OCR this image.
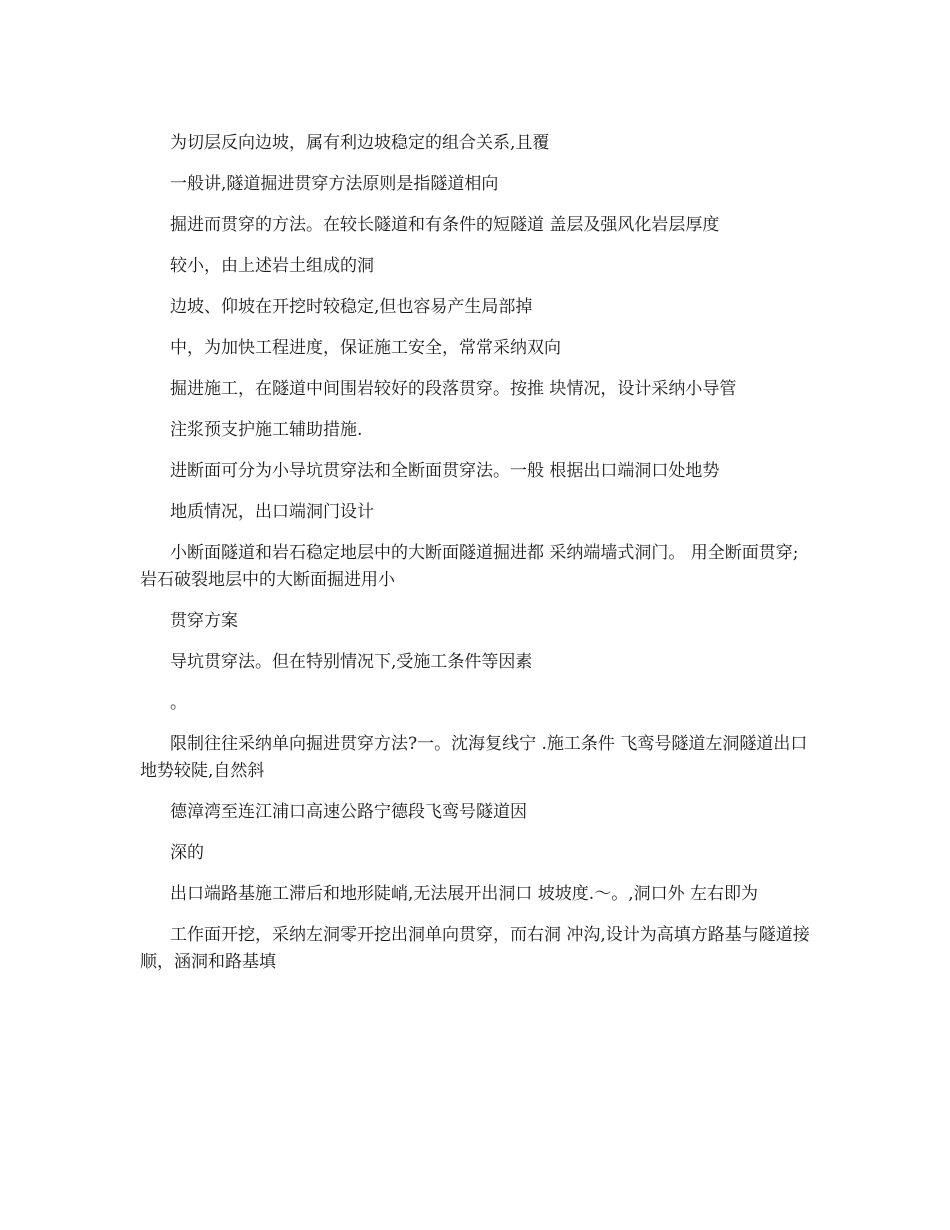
为切层反向边坡，属有利边坡稳定的组合关系,且覆

一般讲,隧道掘进贯穿方法原则是指隧道相向

掘进而贯穿的方法。在较长隧道和有条件的短隧道 盖层及强风化岩层厚度

较小，由上述岩土组成的洞

边坡、仰坡在开挖时较稳定,但也容易产生局部掉

中，为加快工程进度，保证施工安全，常常采纳双向

掘进施工，在隧道中间围岩较好的段落贯穿。按推 块情况，设计采纳小导管

注浆预支护施工辅助措施.

进断面可分为小导坑贯穿法和全断面贯穿法。一般 根据出口端洞口处地势

地质情况，出口端洞门设计

小断面隧道和岩石稳定地层中的大断面隧道掘进都 采纳端墙式洞门。 用全断面贯穿;岩石破裂地层中的大断面掘进用小

贯穿方案

导坑贯穿法。但在特别情况下,受施工条件等因素

。

限制往往采纳单向掘进贯穿方法?一。沈海复线宁 .施工条件 飞鸾号隧道左洞隧道出口地势较陡,自然斜

德漳湾至连江浦口高速公路宁德段飞鸾号隧道因

深的

出口端路基施工滞后和地形陡峭,无法展开出洞口 坡坡度.～。,洞口外 左右即为

工作面开挖，采纳左洞零开挖出洞单向贯穿，而右洞 冲沟,设计为高填方路基与隧道接顺，涵洞和路基填
